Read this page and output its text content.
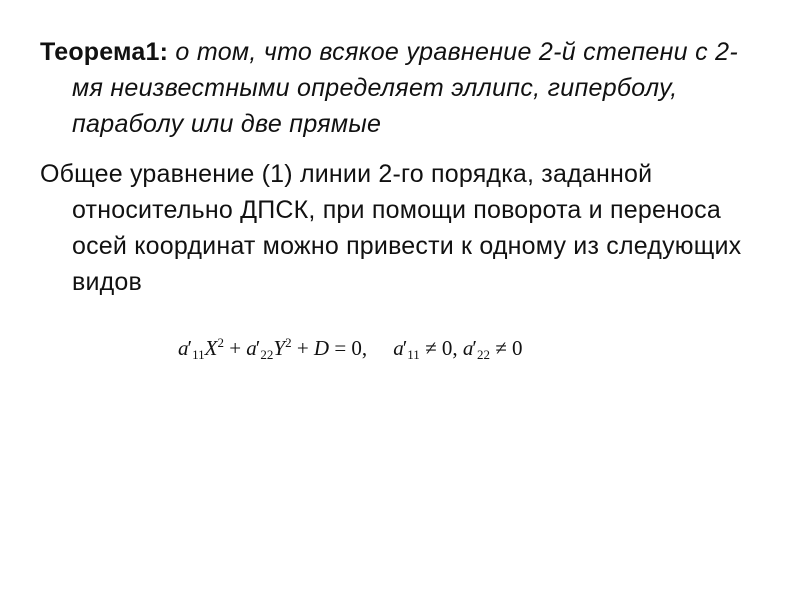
Теорема1: о том, что всякое уравнение 2-й степени с 2-мя неизвестными определяет эллипс, гиперболу, параболу или две прямые
Общее уравнение (1) линии 2-го порядка, заданной относительно ДПСК, при помощи поворота и переноса осей координат можно привести к одному из следующих видов
$a'_{11}X^2 + a'_{22}Y^2 + D = 0$, $a'_{11} \ne 0$, $a'_{22} \ne 0$
